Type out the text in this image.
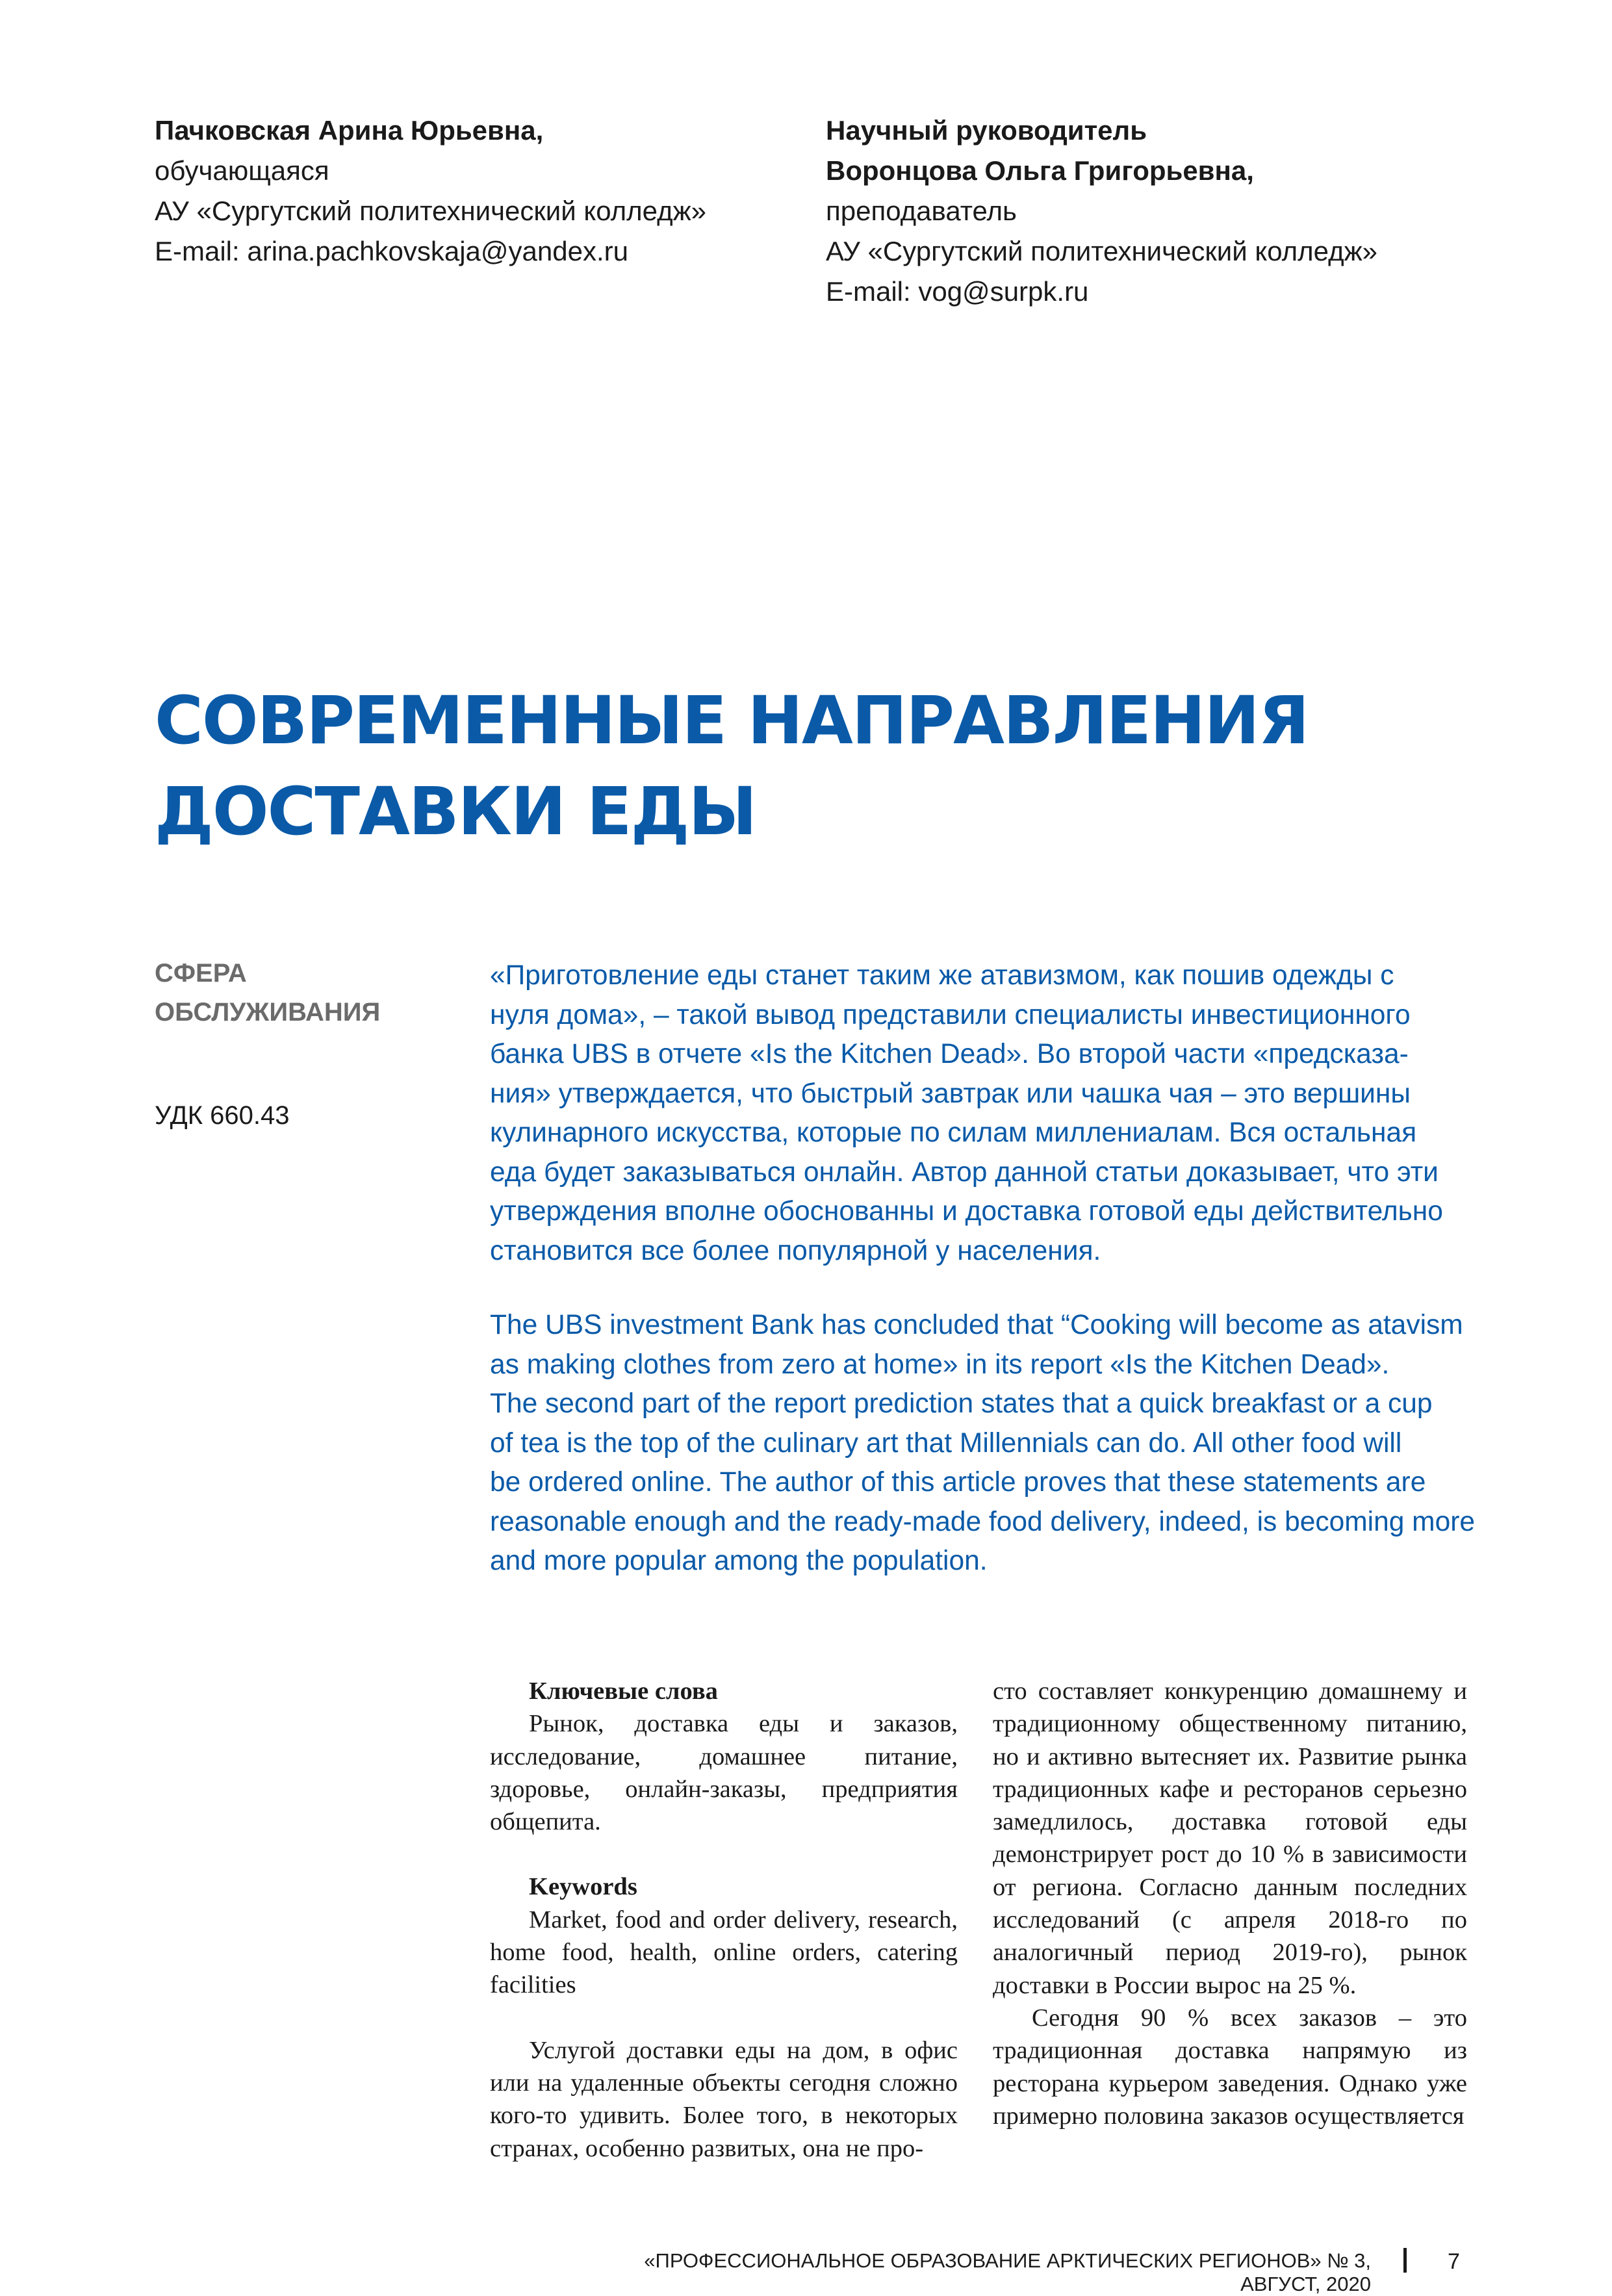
Пачковская Арина Юрьевна,
обучающаяся
АУ «Сургутский политехнический колледж»
E-mail: arina.pachkovskaja@yandex.ru
Научный руководитель
Воронцова Ольга Григорьевна,
преподаватель
АУ «Сургутский политехнический колледж»
E-mail: vog@surpk.ru
СОВРЕМЕННЫЕ НАПРАВЛЕНИЯ
ДОСТАВКИ ЕДЫ
СФЕРА
ОБСЛУЖИВАНИЯ
УДК 660.43
«Приготовление еды станет таким же атавизмом, как пошив одежды с
нуля дома», – такой вывод представили специалисты инвестиционного
банка UBS в отчете «Is the Kitchen Dead». Во второй части «предсказа-
ния» утверждается, что быстрый завтрак или чашка чая – это вершины
кулинарного искусства, которые по силам миллениалам. Вся остальная
еда будет заказываться онлайн. Автор данной статьи доказывает, что эти
утверждения вполне обоснованны и доставка готовой еды действительно
становится все более популярной у населения.
The UBS investment Bank has concluded that “Cooking will become as atavism
as making clothes from zero at home» in its report «Is the Kitchen Dead».
The second part of the report prediction states that a quick breakfast or a cup
of tea is the top of the culinary art that Millennials can do. All other food will
be ordered online. The author of this article proves that these statements are
reasonable enough and the ready-made food delivery, indeed, is becoming more
and more popular among the population.

Ключевые слова

Рынок, доставка еды и заказов, исследование, домашнее питание, здоровье, онлайн-заказы, предприятия общепита.

Keywords

Market, food and order delivery, research, home food, health, online orders, catering facilities

Услугой доставки еды на дом, в офис или на удаленные объекты сегодня сложно кого-то удивить. Более того, в некоторых странах, особенно развитых, она не про-

сто составляет конкуренцию домашнему и традиционному общественному питанию, но и активно вытесняет их. Развитие рынка традиционных кафе и ресторанов серьезно замедлилось, доставка готовой еды демонстрирует рост до 10 % в зависимости от региона. Согласно данным последних исследований (с апреля 2018-го по аналогичный период 2019-го), рынок доставки в России вырос на 25 %.

Сегодня 90 % всех заказов – это традиционная доставка напрямую из ресторана курьером заведения. Однако уже примерно половина заказов осуществляется

«ПРОФЕССИОНАЛЬНОЕ ОБРАЗОВАНИЕ АРКТИЧЕСКИХ РЕГИОНОВ» № 3, АВГУСТ, 2020
7
